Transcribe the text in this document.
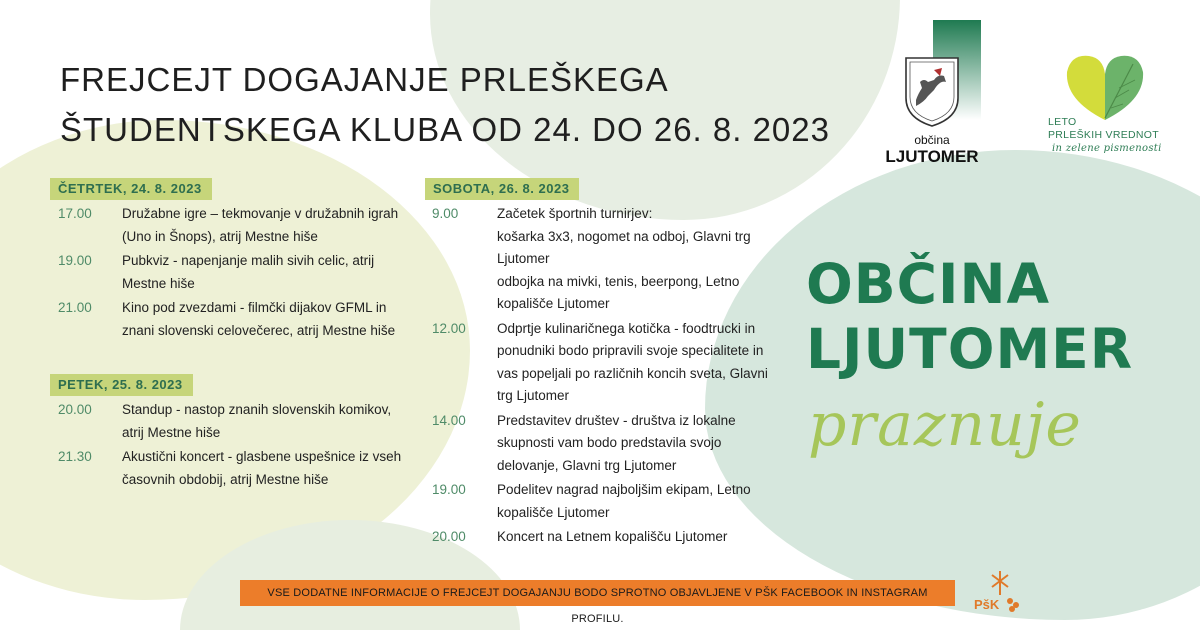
FREJCEJT DOGAJANJE PRLEŠKEGA
ŠTUDENTSKEGA KLUBA OD 24. DO 26. 8. 2023
ČETRTEK, 24. 8. 2023
17.00 Družabne igre – tekmovanje v družabnih igrah
(Uno in Šnops), atrij Mestne hiše
19.00 Pubkviz - napenjanje malih sivih celic, atrij
Mestne hiše
21.00 Kino pod zvezdami - filmčki dijakov GFML in
znani slovenski celovečerec, atrij Mestne hiše
PETEK, 25. 8. 2023
20.00 Standup - nastop znanih slovenskih komikov,
atrij Mestne hiše
21.30 Akustični koncert - glasbene uspešnice iz vseh
časovnih obdobij, atrij Mestne hiše
SOBOTA, 26. 8. 2023
9.00	Začetek športnih turnirjev:
košarka 3x3, nogomet na odboj, Glavni trg
Ljutomer
odbojka na mivki, tenis, beerpong, Letno
kopališče Ljutomer
12.00 Odprtje kulinaričnega kotička - foodtrucki in
ponudniki bodo pripravili svoje specialitete in
vas popeljali po različnih koncih sveta, Glavni
trg Ljutomer
14.00 Predstavitev društev - društva iz lokalne
skupnosti vam bodo predstavila svojo
delovanje, Glavni trg Ljutomer
19.00 Podelitev nagrad najboljšim ekipam, Letno
kopališče Ljutomer
20.00 Koncert na Letnem kopališču Ljutomer
občina
LJUTOMER
LETO
PRLEŠKIH VREDNOT
in zelene pismenosti
OBČINA
LJUTOMER
praznuje
VSE DODATNE INFORMACIJE O FREJCEJT DOGAJANJU BODO SPROTNO OBJAVLJENE V PŠK FACEBOOK IN INSTAGRAM PROFILU.
PšK
